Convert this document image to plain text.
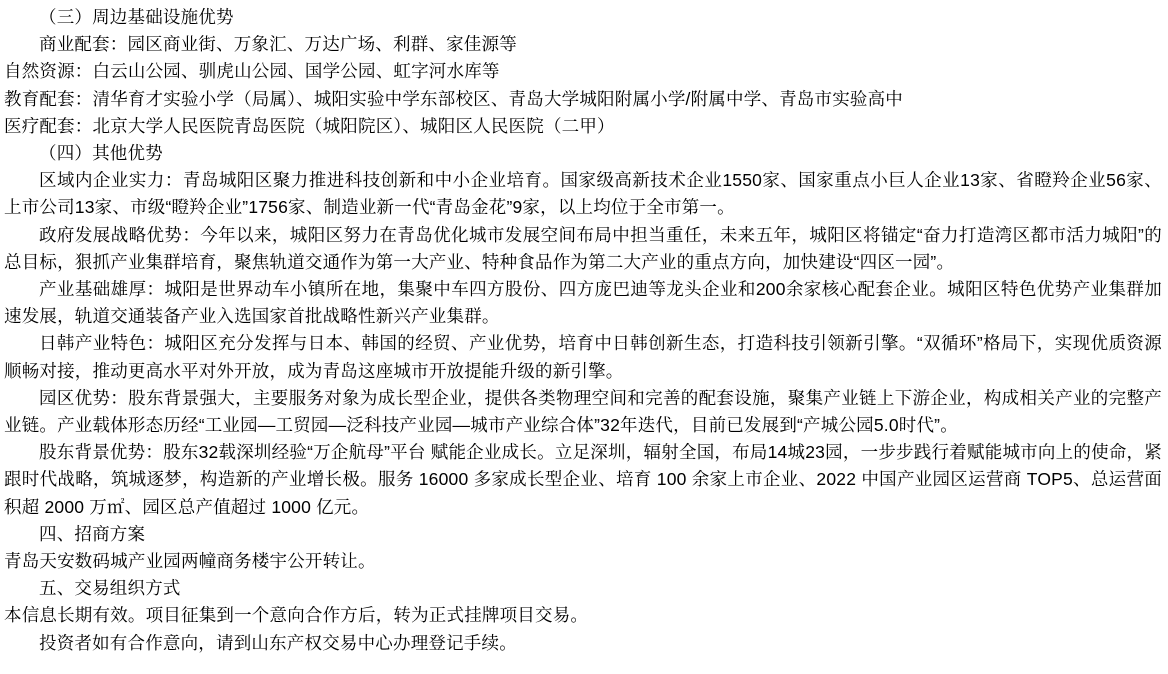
（三）周边基础设施优势

商业配套：园区商业街、万象汇、万达广场、利群、家佳源等

自然资源：白云山公园、驯虎山公园、国学公园、虹字河水库等

教育配套：清华育才实验小学（局属）、城阳实验中学东部校区、青岛大学城阳附属小学/附属中学、青岛市实验高中

医疗配套：北京大学人民医院青岛医院（城阳院区）、城阳区人民医院（二甲）

（四）其他优势

区域内企业实力：青岛城阳区聚力推进科技创新和中小企业培育。国家级高新技术企业1550家、国家重点小巨人企业13家、省瞪羚企业56家、上市公司13家、市级“瞪羚企业”1756家、制造业新一代“青岛金花”9家，以上均位于全市第一。

政府发展战略优势：今年以来，城阳区努力在青岛优化城市发展空间布局中担当重任，未来五年，城阳区将锚定“奋力打造湾区都市活力城阳”的总目标，狠抓产业集群培育，聚焦轨道交通作为第一大产业、特种食品作为第二大产业的重点方向，加快建设“四区一园”。

产业基础雄厚：城阳是世界动车小镇所在地，集聚中车四方股份、四方庞巴迪等龙头企业和200余家核心配套企业。城阳区特色优势产业集群加速发展，轨道交通装备产业入选国家首批战略性新兴产业集群。

日韩产业特色：城阳区充分发挥与日本、韩国的经贸、产业优势，培育中日韩创新生态，打造科技引领新引擎。“双循环”格局下，实现优质资源顺畅对接，推动更高水平对外开放，成为青岛这座城市开放提能升级的新引擎。

园区优势：股东背景强大，主要服务对象为成长型企业，提供各类物理空间和完善的配套设施，聚集产业链上下游企业，构成相关产业的完整产业链。产业载体形态历经“工业园—工贸园—泛科技产业园—城市产业综合体”32年迭代，目前已发展到“产城公园5.0时代”。

股东背景优势：股东32载深圳经验“万企航母”平台 赋能企业成长。立足深圳，辐射全国，布局14城23园，一步步践行着赋能城市向上的使命，紧跟时代战略，筑城逐梦，构造新的产业增长极。服务 16000 多家成长型企业、培育 100 余家上市企业、2022 中国产业园区运营商 TOP5、总运营面积超 2000 万㎡、园区总产值超过 1000 亿元。

四、招商方案

青岛天安数码城产业园两幢商务楼宇公开转让。

五、交易组织方式

本信息长期有效。项目征集到一个意向合作方后，转为正式挂牌项目交易。

投资者如有合作意向，请到山东产权交易中心办理登记手续。
